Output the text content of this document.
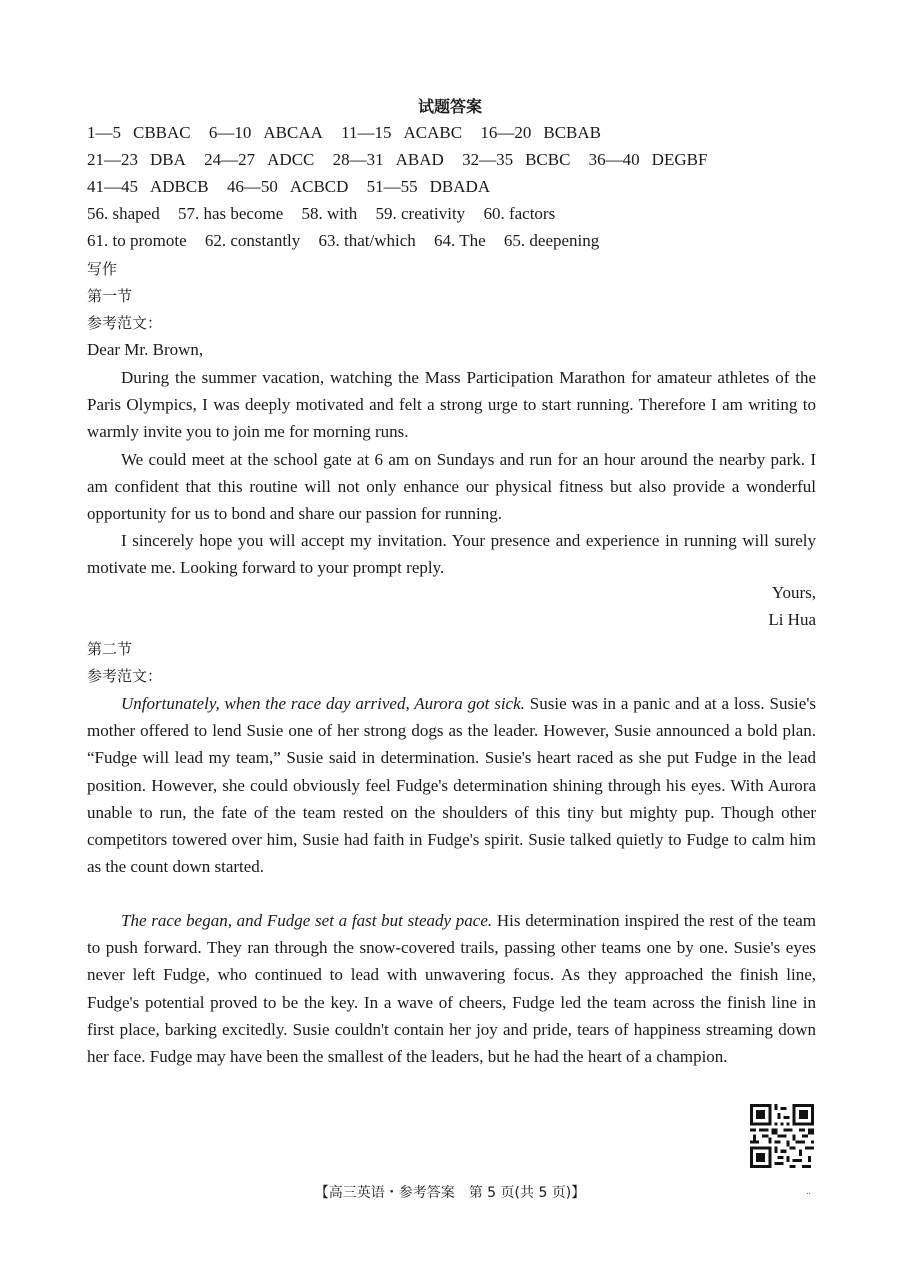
试题答案
1—5 CBBAC 6—10 ABCAA 11—15 ACABC 16—20 BCBAB
21—23 DBA 24—27 ADCC 28—31 ABAD 32—35 BCBC 36—40 DEGBF
41—45 ADBCB 46—50 ACBCD 51—55 DBADA
56. shaped 57. has become 58. with 59. creativity 60. factors
61. to promote 62. constantly 63. that/which 64. The 65. deepening
写作
第一节
参考范文：
Dear Mr. Brown,
During the summer vacation, watching the Mass Participation Marathon for amateur athletes of the Paris Olympics, I was deeply motivated and felt a strong urge to start running. Therefore I am writing to warmly invite you to join me for morning runs.
We could meet at the school gate at 6 am on Sundays and run for an hour around the nearby park. I am confident that this routine will not only enhance our physical fitness but also provide a wonderful opportunity for us to bond and share our passion for running.
I sincerely hope you will accept my invitation. Your presence and experience in running will surely motivate me. Looking forward to your prompt reply.
Yours,
Li Hua
第二节
参考范文：
Unfortunately, when the race day arrived, Aurora got sick. Susie was in a panic and at a loss. Susie's mother offered to lend Susie one of her strong dogs as the leader. However, Susie announced a bold plan. “Fudge will lead my team,” Susie said in determination. Susie's heart raced as she put Fudge in the lead position. However, she could obviously feel Fudge's determination shining through his eyes. With Aurora unable to run, the fate of the team rested on the shoulders of this tiny but mighty pup. Though other competitors towered over him, Susie had faith in Fudge's spirit. Susie talked quietly to Fudge to calm him as the count down started.
The race began, and Fudge set a fast but steady pace. His determination inspired the rest of the team to push forward. They ran through the snow-covered trails, passing other teams one by one. Susie's eyes never left Fudge, who continued to lead with unwavering focus. As they approached the finish line, Fudge's potential proved to be the key. In a wave of cheers, Fudge led the team across the finish line in first place, barking excitedly. Susie couldn't contain her joy and pride, tears of happiness streaming down her face. Fudge may have been the smallest of the leaders, but he had the heart of a champion.
【高三英语・参考答案　第 5 页(共 5 页)】	..
